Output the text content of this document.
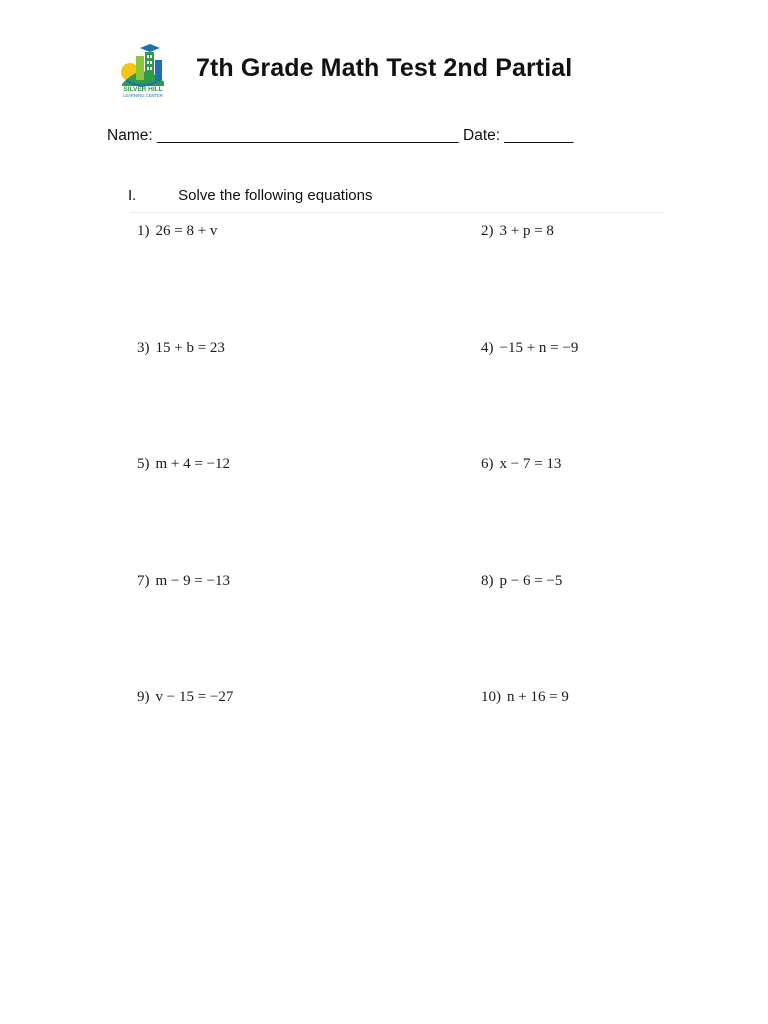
SILVER HILL
LEARNING CENTER
7th Grade Math Test 2nd Partial
Name: ___________________________________ Date: ________
I.	Solve the following equations
1) 26 = 8 + v	2) 3 + p = 8
3) 15 + b = 23	4) −15 + n = −9
5) m + 4 = −12	6) x − 7 = 13
7) m − 9 = −13	8) p − 6 = −5
9) v − 15 = −27	10) n + 16 = 9
